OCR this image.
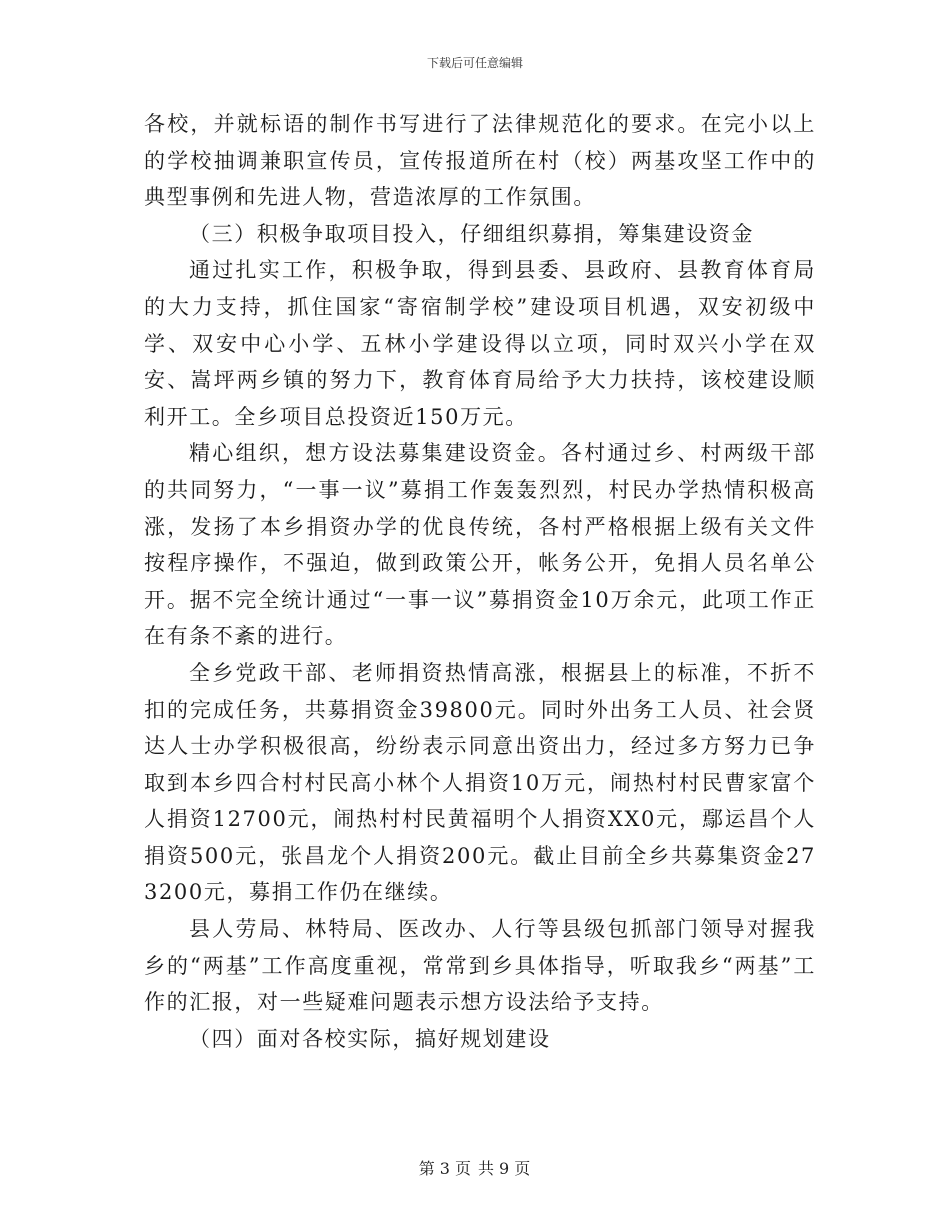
下载后可任意编辑

各校，并就标语的制作书写进行了法律规范化的要求。在完小以上的学校抽调兼职宣传员，宣传报道所在村（校）两基攻坚工作中的典型事例和先进人物，营造浓厚的工作氛围。

（三）积极争取项目投入，仔细组织募捐，筹集建设资金

通过扎实工作，积极争取，得到县委、县政府、县教育体育局的大力支持，抓住国家“寄宿制学校”建设项目机遇，双安初级中学、双安中心小学、五林小学建设得以立项，同时双兴小学在双安、嵩坪两乡镇的努力下，教育体育局给予大力扶持，该校建设顺利开工。全乡项目总投资近150万元。

精心组织，想方设法募集建设资金。各村通过乡、村两级干部的共同努力，“一事一议”募捐工作轰轰烈烈，村民办学热情积极高涨，发扬了本乡捐资办学的优良传统，各村严格根据上级有关文件按程序操作，不强迫，做到政策公开，帐务公开，免捐人员名单公开。据不完全统计通过“一事一议”募捐资金10万余元，此项工作正在有条不紊的进行。

全乡党政干部、老师捐资热情高涨，根据县上的标准，不折不扣的完成任务，共募捐资金39800元。同时外出务工人员、社会贤达人士办学积极很高，纷纷表示同意出资出力，经过多方努力已争取到本乡四合村村民高小林个人捐资10万元，闹热村村民曹家富个人捐资12700元，闹热村村民黄福明个人捐资XX0元，鄢运昌个人捐资500元，张昌龙个人捐资200元。截止目前全乡共募集资金273200元，募捐工作仍在继续。

县人劳局、林特局、医改办、人行等县级包抓部门领导对握我乡的“两基”工作高度重视，常常到乡具体指导，听取我乡“两基”工作的汇报，对一些疑难问题表示想方设法给予支持。

（四）面对各校实际，搞好规划建设

第 3 页 共 9 页
